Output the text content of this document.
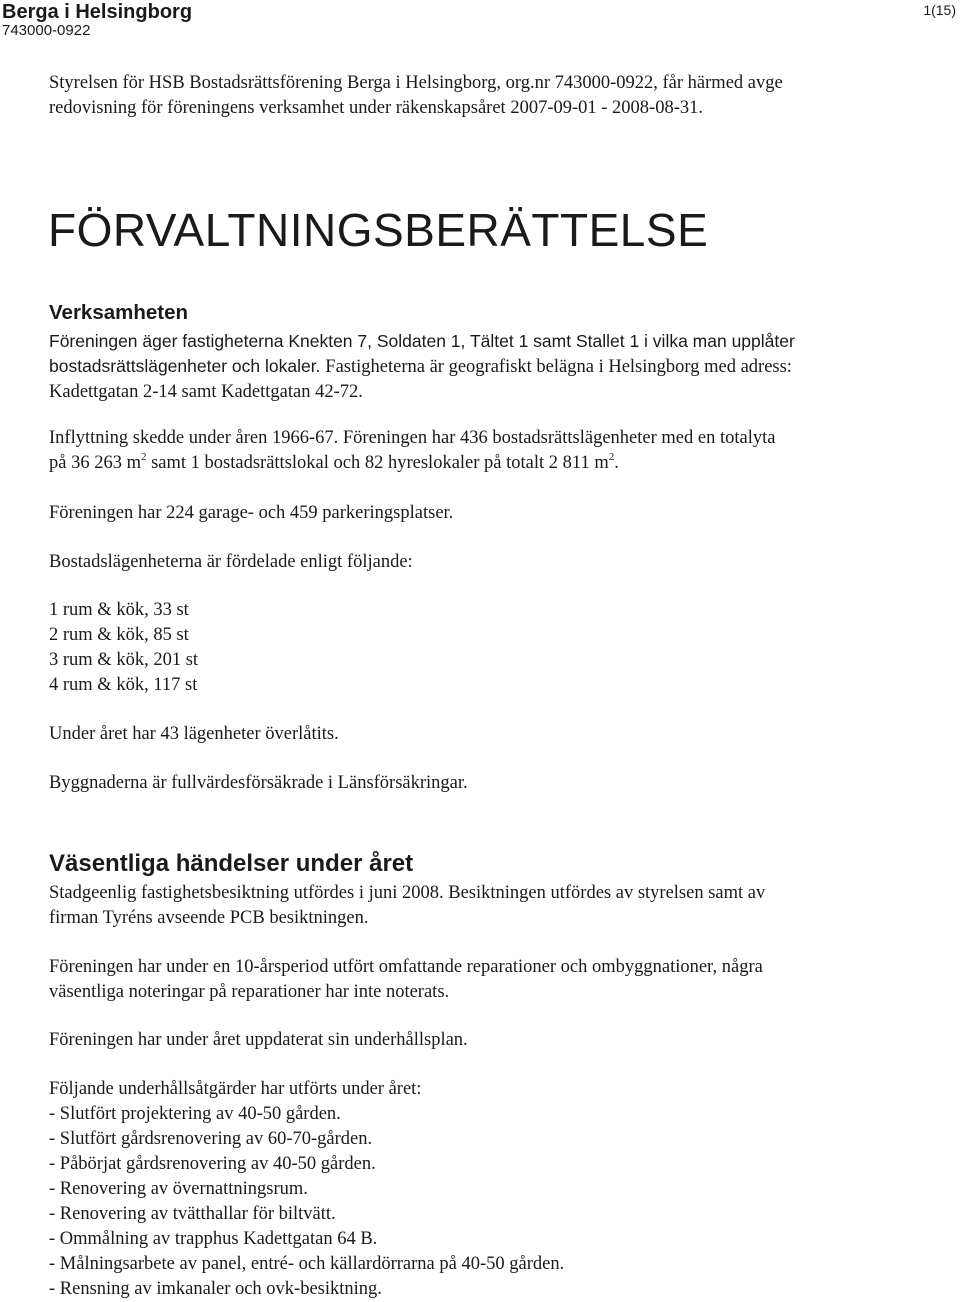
Berga i Helsingborg
743000-0922
1(15)
Styrelsen för HSB Bostadsrättsförening Berga i Helsingborg, org.nr 743000-0922, får härmed avge
redovisning för föreningens verksamhet under räkenskapsåret 2007-09-01 - 2008-08-31.
FÖRVALTNINGSBERÄTTELSE
Verksamheten
Föreningen äger fastigheterna Knekten 7, Soldaten 1, Tältet 1 samt Stallet 1 i vilka man upplåter
bostadsrättslägenheter och lokaler. Fastigheterna är geografiskt belägna i Helsingborg med adress:
Kadettgatan 2-14 samt Kadettgatan 42-72.
Inflyttning skedde under åren 1966-67. Föreningen har 436 bostadsrättslägenheter med en totalyta
på 36 263 $m^2$ samt 1 bostadsrättslokal och 82 hyreslokaler på totalt 2 811 $m^2$.
Föreningen har 224 garage- och 459 parkeringsplatser.
Bostadslägenheterna är fördelade enligt följande:
1 rum & kök, 33 st
2 rum & kök, 85 st
3 rum & kök, 201 st
4 rum & kök, 117 st
Under året har 43 lägenheter överlåtits.
Byggnaderna är fullvärdesförsäkrade i Länsförsäkringar.
Väsentliga händelser under året
Stadgeenlig fastighetsbesiktning utfördes i juni 2008. Besiktningen utfördes av styrelsen samt av
firman Tyréns avseende PCB besiktningen.
Föreningen har under en 10-årsperiod utfört omfattande reparationer och ombyggnationer, några
väsentliga noteringar på reparationer har inte noterats.
Föreningen har under året uppdaterat sin underhållsplan.
Följande underhållsåtgärder har utförts under året:
- Slutfört projektering av 40-50 gården.
- Slutfört gårdsrenovering av 60-70-gården.
- Påbörjat gårdsrenovering av 40-50 gården.
- Renovering av övernattningsrum.
- Renovering av tvätthallar för biltvätt.
- Ommålning av trapphus Kadettgatan 64 B.
- Målningsarbete av panel, entré- och källardörrarna på 40-50 gården.
- Rensning av imkanaler och ovk-besiktning.
